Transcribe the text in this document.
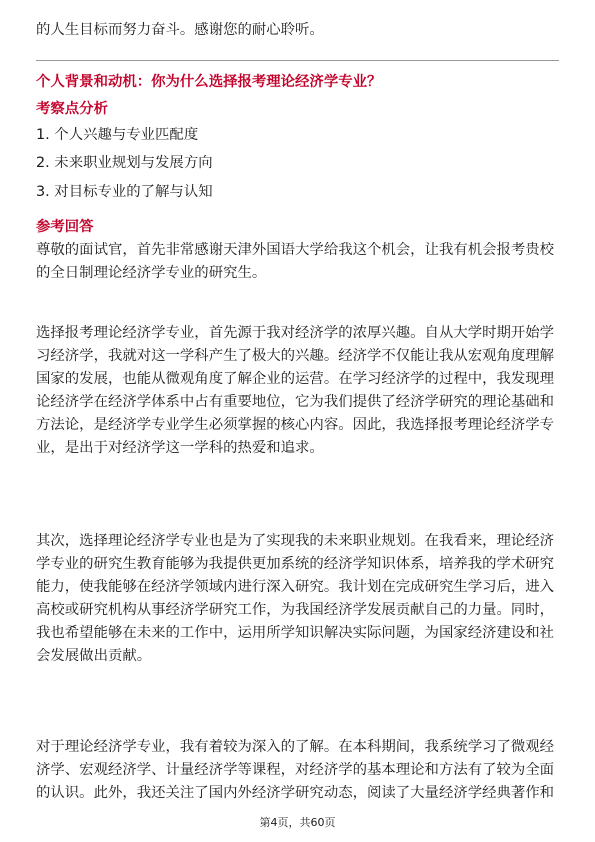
的人生目标而努力奋斗。感谢您的耐心聆听。

个人背景和动机：你为什么选择报考理论经济学专业？
考察点分析

1. 个人兴趣与专业匹配度

2. 未来职业规划与发展方向

3. 对目标专业的了解与认知

参考回答

尊敬的面试官，首先非常感谢天津外国语大学给我这个机会，让我有机会报考贵校

的全日制理论经济学专业的研究生。

选择报考理论经济学专业，首先源于我对经济学的浓厚兴趣。自从大学时期开始学

习经济学，我就对这一学科产生了极大的兴趣。经济学不仅能让我从宏观角度理解

国家的发展，也能从微观角度了解企业的运营。在学习经济学的过程中，我发现理

论经济学在经济学体系中占有重要地位，它为我们提供了经济学研究的理论基础和

方法论，是经济学专业学生必须掌握的核心内容。因此，我选择报考理论经济学专

业，是出于对经济学这一学科的热爱和追求。

其次，选择理论经济学专业也是为了实现我的未来职业规划。在我看来，理论经济

学专业的研究生教育能够为我提供更加系统的经济学知识体系，培养我的学术研究

能力，使我能够在经济学领域内进行深入研究。我计划在完成研究生学习后，进入

高校或研究机构从事经济学研究工作，为我国经济学发展贡献自己的力量。同时，

我也希望能够在未来的工作中，运用所学知识解决实际问题，为国家经济建设和社

会发展做出贡献。

对于理论经济学专业，我有着较为深入的了解。在本科期间，我系统学习了微观经

济学、宏观经济学、计量经济学等课程，对经济学的基本理论和方法有了较为全面

的认识。此外，我还关注了国内外经济学研究动态，阅读了大量经济学经典著作和

第4页，共60页
